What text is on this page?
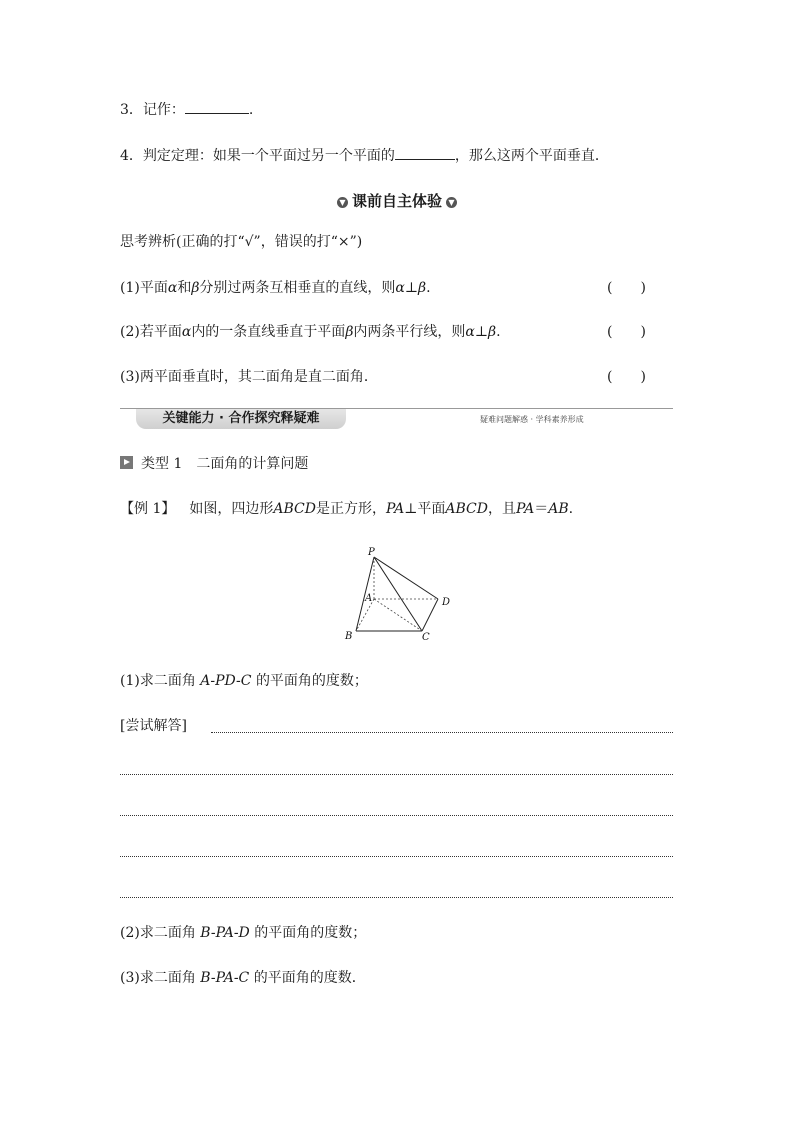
3．记作：	.
4．判定定理：如果一个平面过另一个平面的	，那么这两个平面垂直．
▼ 课前自主体验 ▼
思考辨析(正确的打“√”，错误的打“×”)
(1)平面α和β分别过两条互相垂直的直线，则α⊥β.	(　　)
(2)若平面α内的一条直线垂直于平面β内两条平行线，则α⊥β.	(　　)
(3)两平面垂直时，其二面角是直二面角．	(　　)
关键能力 · 合作探究释疑难	疑难问题解惑 · 学科素养形成
类型 1　二面角的计算问题
【例 1】 如图，四边形ABCD是正方形，PA⊥平面ABCD，且PA＝AB.
P
A
B	C
D
(1)求二面角 A-PD-C 的平面角的度数；
[尝试解答]
(2)求二面角 B-PA-D 的平面角的度数；
(3)求二面角 B-PA-C 的平面角的度数．
